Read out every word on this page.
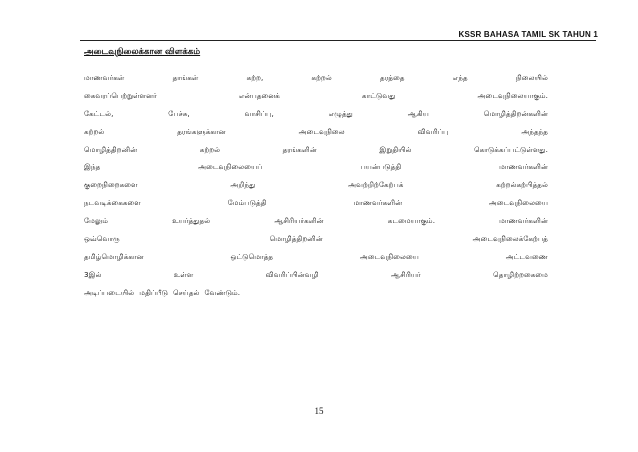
KSSR BAHASA TAMIL SK TAHUN 1
அடைவுநிலைக்கான விளக்கம்
மாணவர்கள்	தாங்கள்	கற்ற,	கற்றல்	தரத்தை	எந்த	நிலையில்
கைவரப்பெற்றுள்ளனர்	என்பதனைக்	காட்டுவது	அடைவுநிலையாகும்.
கேட்டல்,	பேச்சு,	வாசிப்பு,	எழுத்து	ஆகிய	மொழித்திறன்களின்
கற்றல்	தரங்களுக்கான	அடைவுநிலை	விவரிப்பு	அந்தந்த
மொழித்திறனின்	கற்றல்	தரங்களின்	இறுதியில்	கொடுக்கப்பட்டுள்ளது.
இந்த	அடைவுநிலையைப்	பயன்படுத்தி	மாணவர்களின்
குறைநிறைகளை	அறிந்து	அவற்றிற்கேற்பக்	கற்றல்கற்பித்தல்
நடவடிக்கைகளை	மேம்படுத்தி	மாணவர்களின்	அடைவுநிலையை
மேலும்	உயர்த்துதல்	ஆசிரியர்களின்	கடமையாகும்.	மாணவர்களின்
ஒவ்வொரு	மொழித்திறனின்	அடைவுநிலைக்கேற்பத்
தமிழ்மொழிக்கான	ஒட்டுமொத்த	அடைவுநிலையை	அட்டவணை
3இல்	உள்ள	விவரிப்பின்வழி	ஆசிரியர்	தொழிற்றகைமை
அடிப்படையில் மதிப்பீடு செய்தல் வேண்டும்.
15
